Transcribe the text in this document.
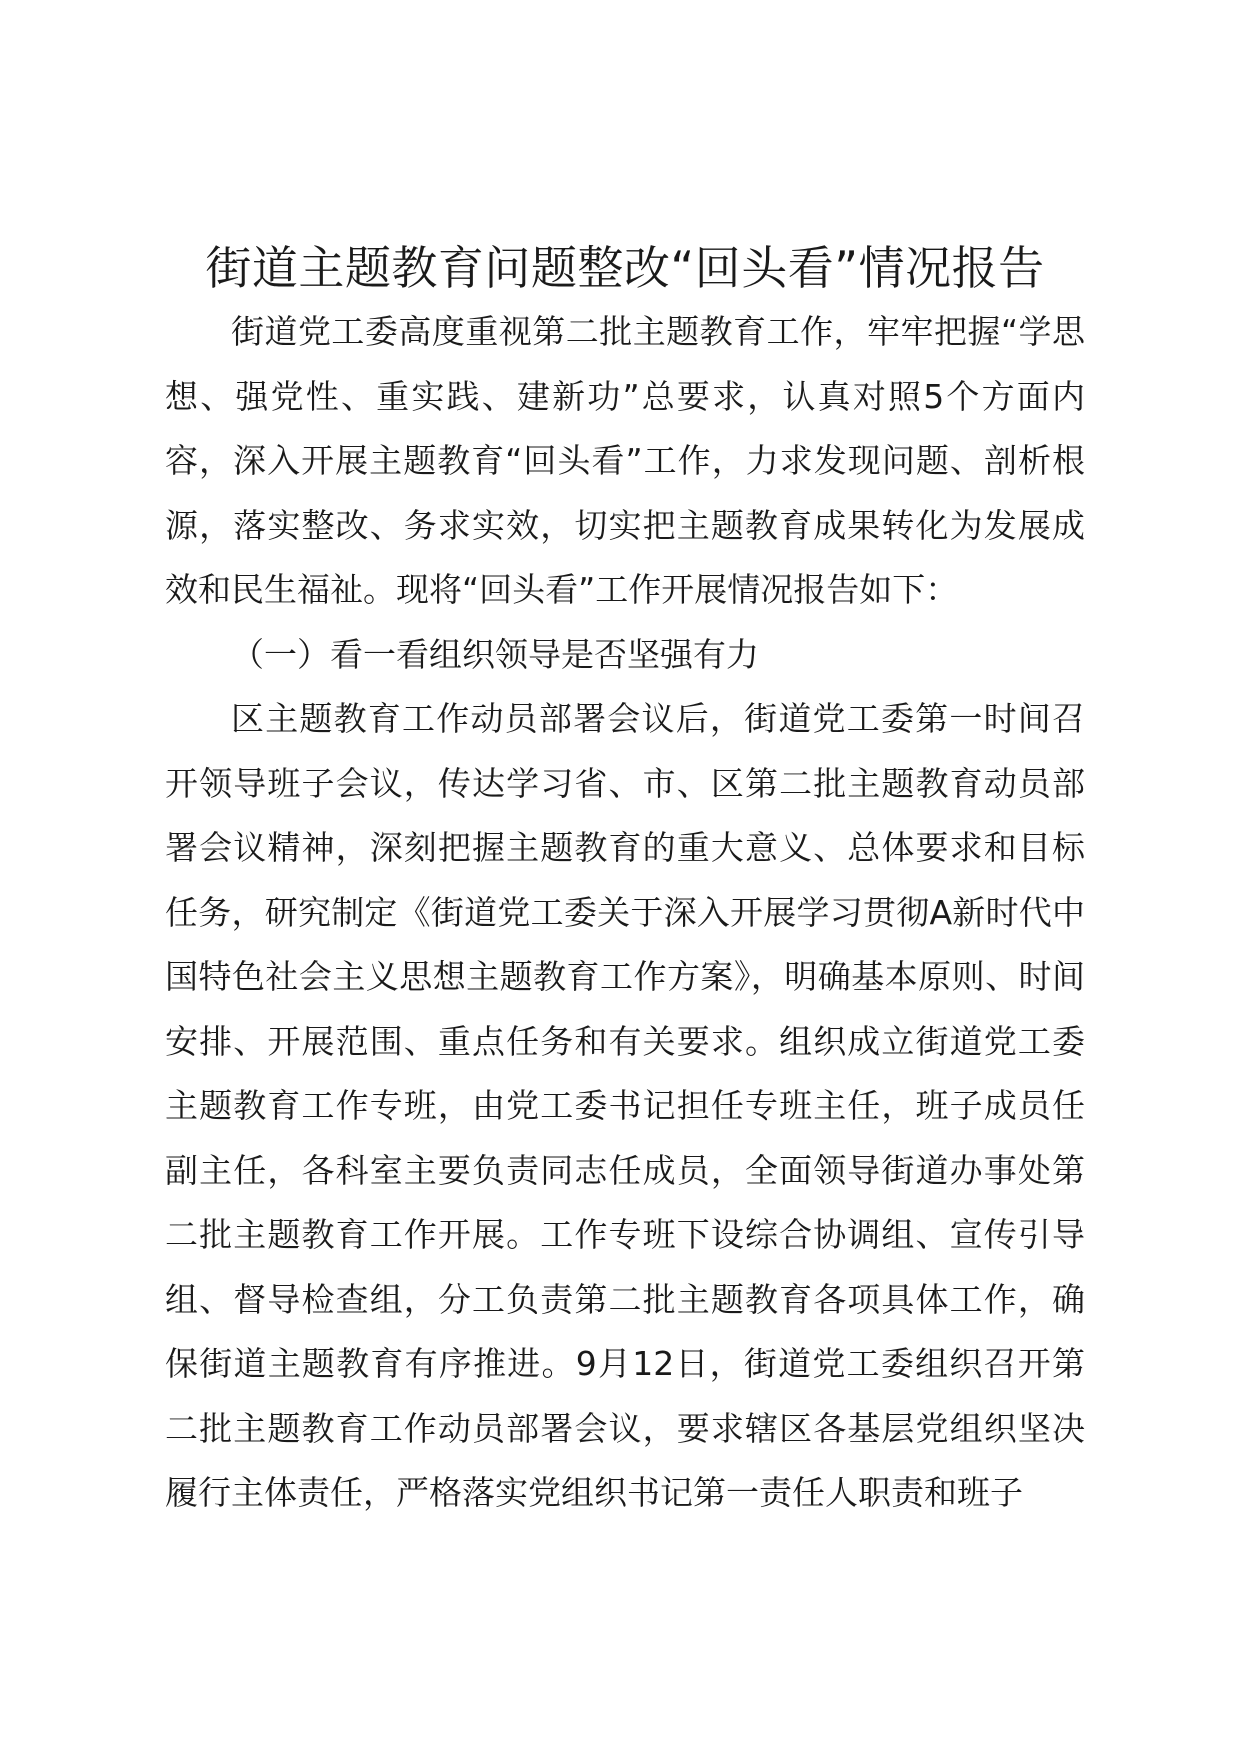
街道主题教育问题整改“回头看”情况报告

街道党工委高度重视第二批主题教育工作，牢牢把握“学思想、强党性、重实践、建新功”总要求，认真对照5个方面内容，深入开展主题教育“回头看”工作，力求发现问题、剖析根源，落实整改、务求实效，切实把主题教育成果转化为发展成效和民生福祉。现将“回头看”工作开展情况报告如下：

（一）看一看组织领导是否坚强有力

区主题教育工作动员部署会议后，街道党工委第一时间召开领导班子会议，传达学习省、市、区第二批主题教育动员部署会议精神，深刻把握主题教育的重大意义、总体要求和目标任务，研究制定《街道党工委关于深入开展学习贯彻A新时代中国特色社会主义思想主题教育工作方案》，明确基本原则、时间安排、开展范围、重点任务和有关要求。组织成立街道党工委主题教育工作专班，由党工委书记担任专班主任，班子成员任副主任，各科室主要负责同志任成员，全面领导街道办事处第二批主题教育工作开展。工作专班下设综合协调组、宣传引导组、督导检查组，分工负责第二批主题教育各项具体工作，确保街道主题教育有序推进。9月12日，街道党工委组织召开第二批主题教育工作动员部署会议，要求辖区各基层党组织坚决履行主体责任，严格落实党组织书记第一责任人职责和班子
